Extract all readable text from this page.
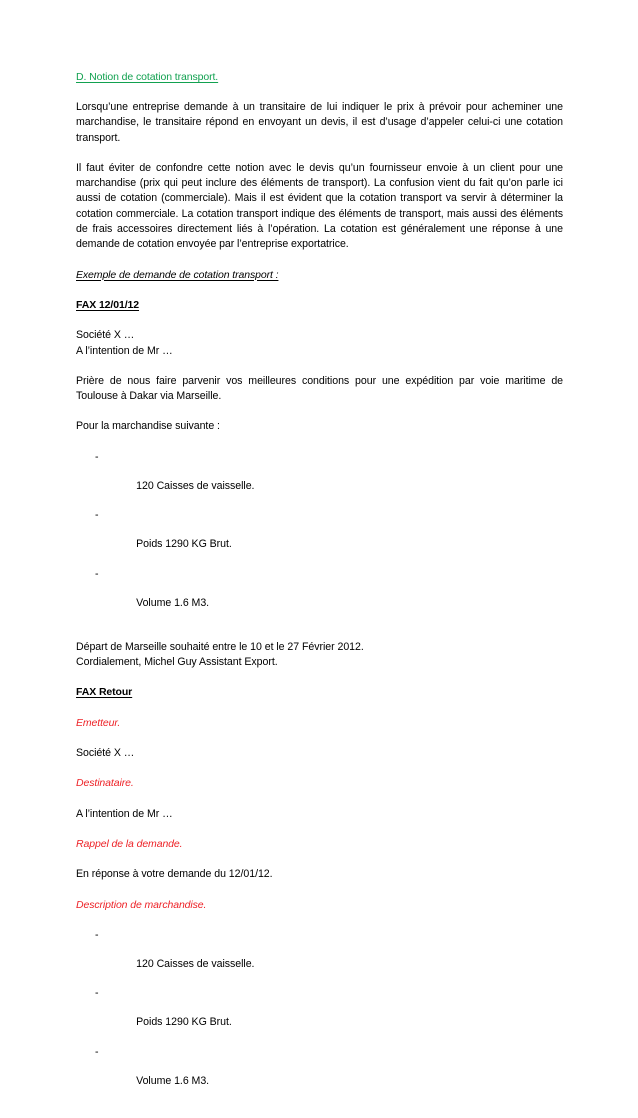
D. Notion de cotation transport.

Lorsqu’une entreprise demande à un transitaire de lui indiquer le prix à prévoir pour acheminer une marchandise, le transitaire répond en envoyant un devis, il est d’usage d’appeler celui-ci une cotation transport.

Il faut éviter de confondre cette notion avec le devis qu’un fournisseur envoie à un client pour une marchandise (prix qui peut inclure des éléments de transport). La confusion vient du fait qu’on parle ici aussi de cotation (commerciale). Mais il est évident que la cotation transport va servir à déterminer la cotation commerciale. La cotation transport indique des éléments de transport, mais aussi des éléments de frais accessoires directement liés à l’opération. La cotation est généralement une réponse à une demande de cotation envoyée par l’entreprise exportatrice.

Exemple de demande de cotation transport :
FAX 12/01/12
Société X …
A l’intention de Mr …

Prière de nous faire parvenir vos meilleures conditions pour une expédition par voie maritime de Toulouse à Dakar via Marseille.

Pour la marchandise suivante :

-

120 Caisses de vaisselle.

-

Poids 1290 KG Brut.

-

Volume 1.6 M3.

Départ de Marseille souhaité entre le 10 et le 27 Février 2012.
Cordialement, Michel Guy Assistant Export.
FAX Retour
Emetteur.
Société X …
Destinataire.
A l’intention de Mr …
Rappel de la demande.
En réponse à votre demande du 12/01/12.
Description de marchandise.

-

120 Caisses de vaisselle.

-

Poids 1290 KG Brut.

-

Volume 1.6 M3.
